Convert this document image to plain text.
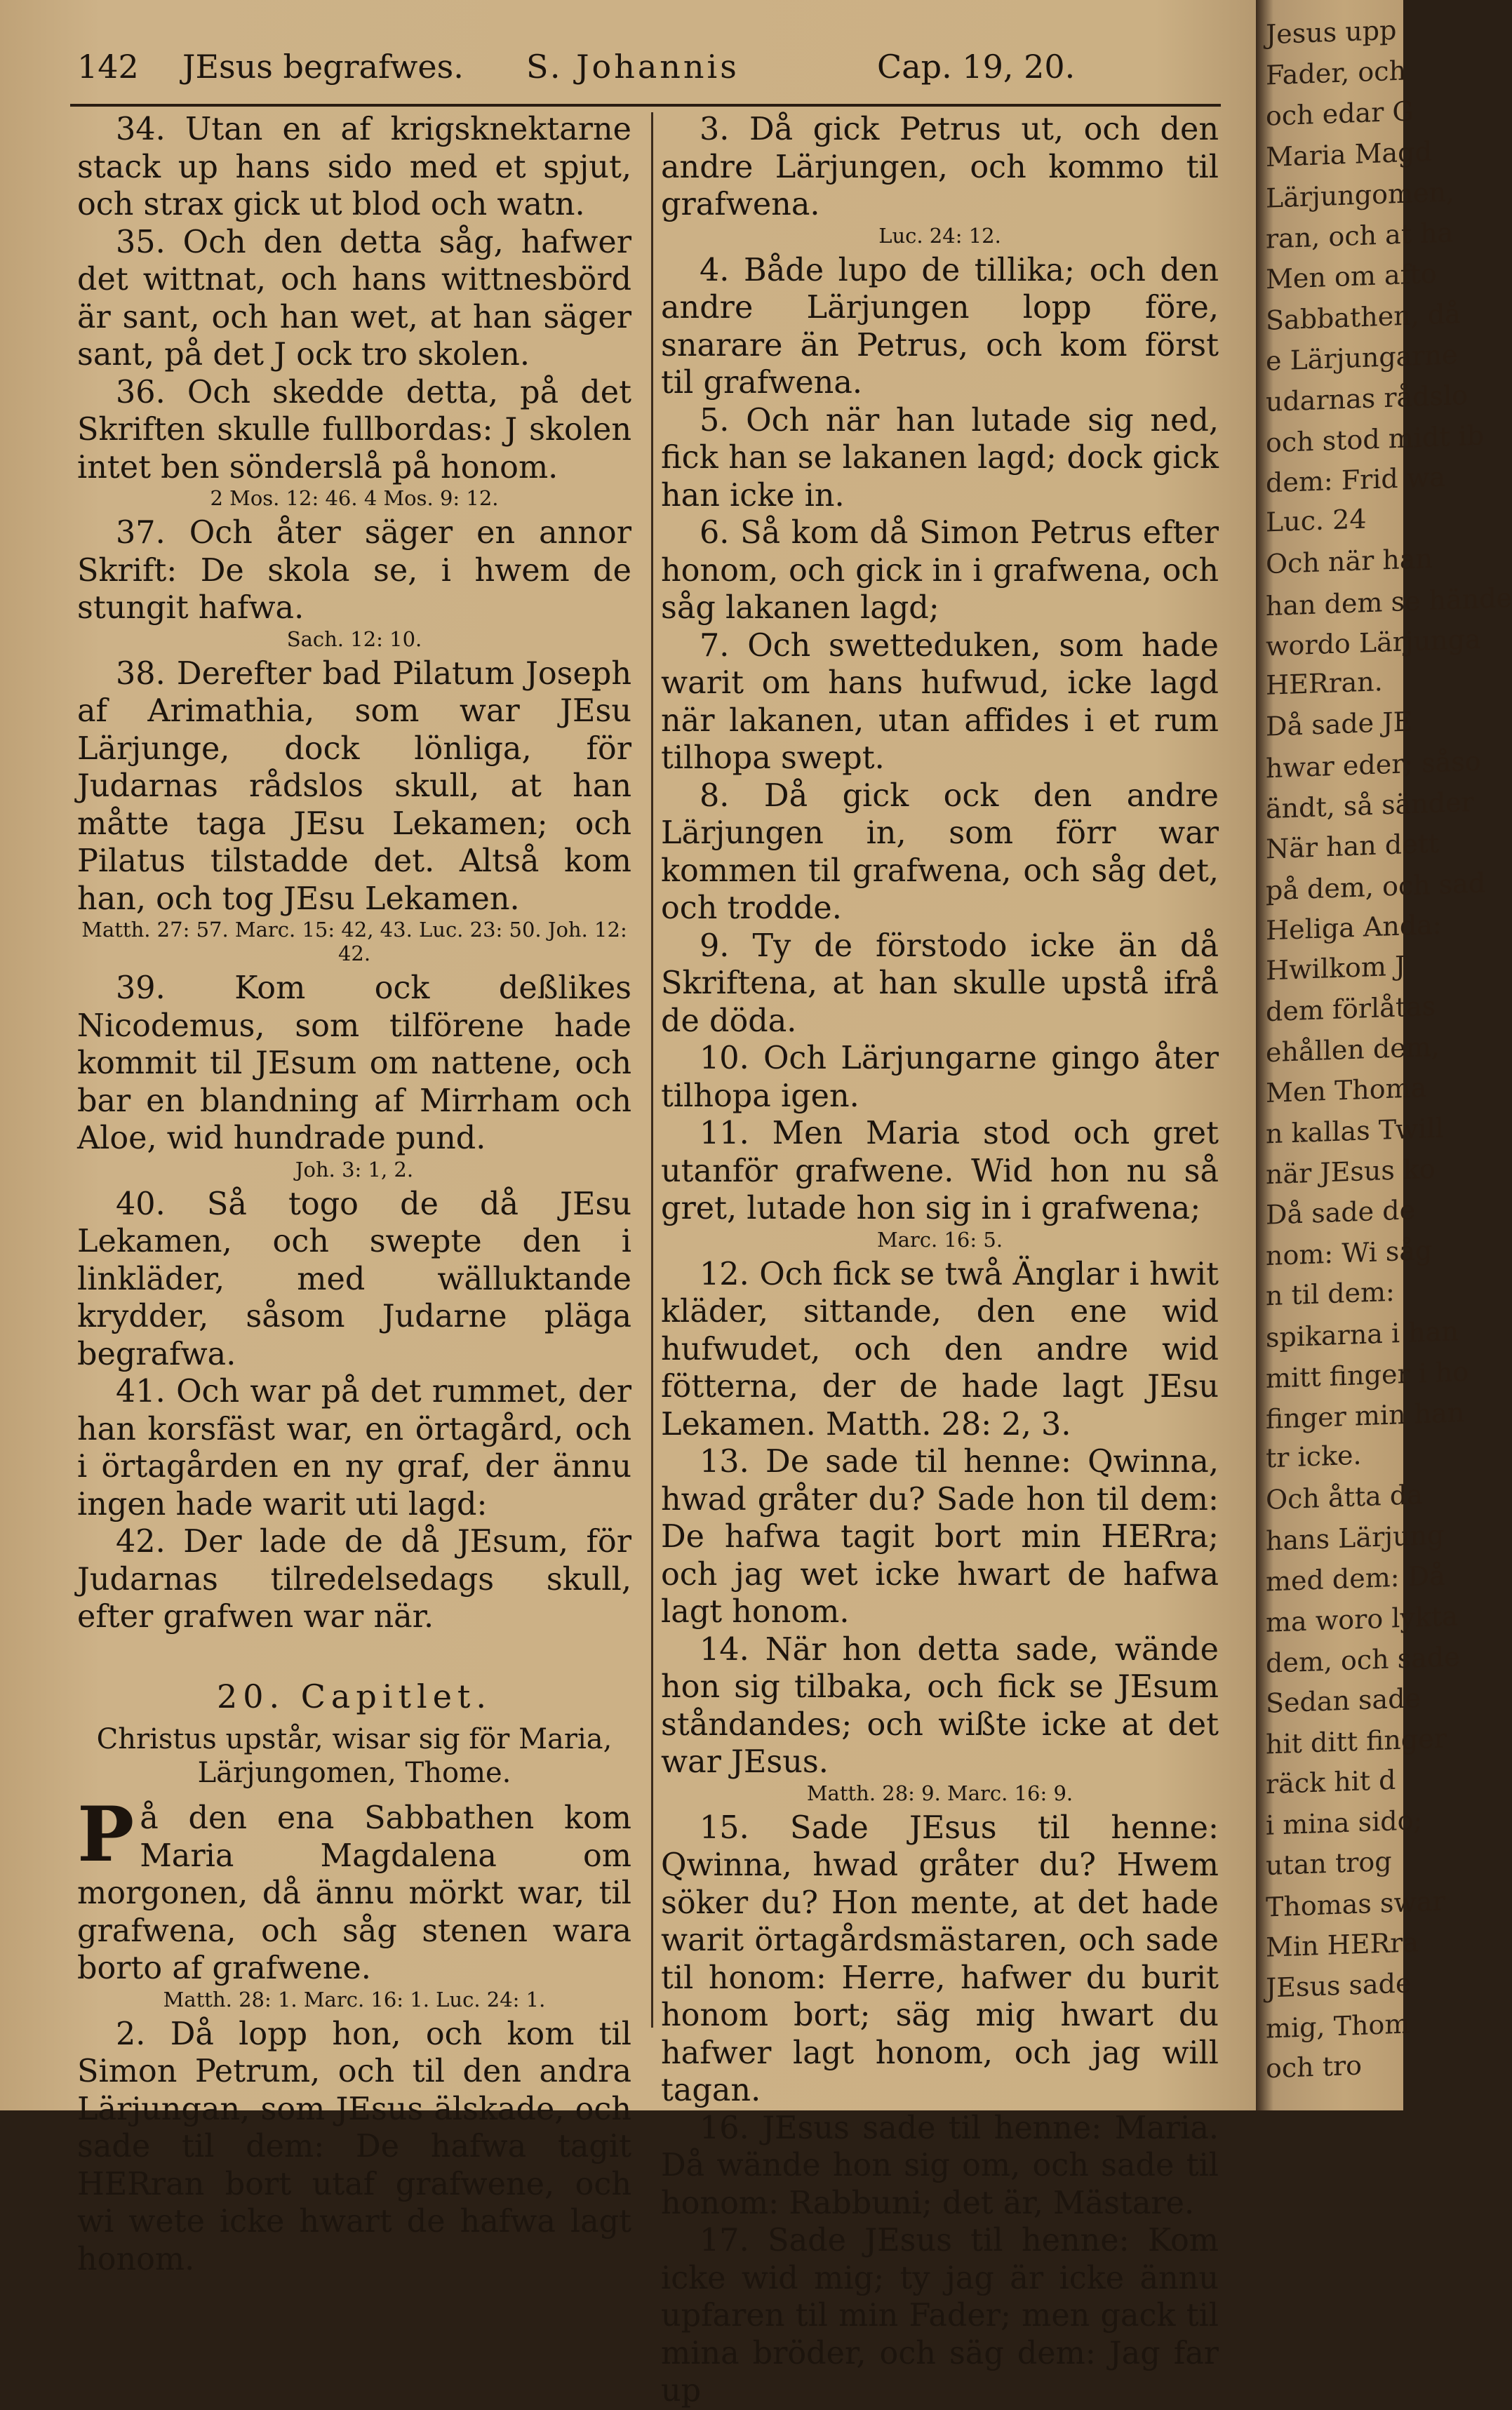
142 JEsus begrafwes. S. Johannis	Cap. 19, 20.

34. Utan en af krigsknektarne stack up hans sido med et spjut, och strax gick ut blod och watn.

35. Och den detta såg, hafwer det wittnat, och hans wittnesbörd är sant, och han wet, at han säger sant, på det J ock tro skolen.

36. Och skedde detta, på det Skriften skulle fullbordas: J skolen intet ben sönderslå på honom.

2 Mos. 12: 46. 4 Mos. 9: 12.

37. Och åter säger en annor Skrift: De skola se, i hwem de stungit hafwa.

Sach. 12: 10.

38. Derefter bad Pilatum Joseph af Arimathia, som war JEsu Lärjunge, dock lönliga, för Judarnas rådslos skull, at han måtte taga JEsu Lekamen; och Pilatus tilstadde det. Altså kom han, och tog JEsu Lekamen.

Matth. 27: 57. Marc. 15: 42, 43. Luc. 23: 50. Joh. 12: 42.

39. Kom ock deßlikes Nicodemus, som tilförene hade kommit til JEsum om nattene, och bar en blandning af Mirrham och Aloe, wid hundrade pund.

Joh. 3: 1, 2.

40. Så togo de då JEsu Lekamen, och swepte den i linkläder, med wälluktande krydder, såsom Judarne pläga begrafwa.

41. Och war på det rummet, der han korsfäst war, en örtagård, och i örtagården en ny graf, der ännu ingen hade warit uti lagd:

42. Der lade de då JEsum, för Judarnas tilredelsedags skull, efter grafwen war när.

20. Capitlet.
Christus upstår, wisar sig för Maria, Lärjungomen, Thome.

På den ena Sabbathen kom Maria Magdalena om morgonen, då ännu mörkt war, til grafwena, och såg stenen wara borto af grafwene.

Matth. 28: 1. Marc. 16: 1. Luc. 24: 1.

2. Då lopp hon, och kom til Simon Petrum, och til den andra Lärjungan, som JEsus älskade, och sade til dem: De hafwa tagit HERran bort utaf grafwene, och wi wete icke hwart de hafwa lagt honom.

3. Då gick Petrus ut, och den andre Lärjungen, och kommo til grafwena.

Luc. 24: 12.

4. Både lupo de tillika; och den andre Lärjungen lopp före, snarare än Petrus, och kom först til grafwena.

5. Och när han lutade sig ned, fick han se lakanen lagd; dock gick han icke in.

6. Så kom då Simon Petrus efter honom, och gick in i grafwena, och såg lakanen lagd;

7. Och swetteduken, som hade warit om hans hufwud, icke lagd när lakanen, utan affides i et rum tilhopa swept.

8. Då gick ock den andre Lärjungen in, som förr war kommen til grafwena, och såg det, och trodde.

9. Ty de förstodo icke än då Skriftena, at han skulle upstå ifrå de döda.

10. Och Lärjungarne gingo åter tilhopa igen.

11. Men Maria stod och gret utanför grafwene. Wid hon nu så gret, lutade hon sig in i grafwena;

Marc. 16: 5.

12. Och fick se twå Änglar i hwit kläder, sittande, den ene wid hufwudet, och den andre wid fötterna, der de hade lagt JEsu Lekamen. Matth. 28: 2, 3.

13. De sade til henne: Qwinna, hwad gråter du? Sade hon til dem: De hafwa tagit bort min HERra; och jag wet icke hwart de hafwa lagt honom.

14. När hon detta sade, wände hon sig tilbaka, och fick se JEsum ståndandes; och wißte icke at det war JEsus.

Matth. 28: 9. Marc. 16: 9.

15. Sade JEsus til henne: Qwinna, hwad gråter du? Hwem söker du? Hon mente, at det hade warit örtagårdsmästaren, och sade til honom: Herre, hafwer du burit honom bort; säg mig hwart du hafwer lagt honom, och jag will tagan.

16. JEsus sade til henne: Maria. Då wände hon sig om, och sade til honom: Rabbuni; det är, Mästare.

17. Sade JEsus til henne: Kom icke wid mig; ty jag är icke ännu upfaren til min Fader; men gack til mina bröder, och säg dem: Jag far up

Jesus upp
Fader, och
och edar G
Maria Magd
Lärjungomen,
ran, och at ha
Men om afto
Sabbathen, då
e Lärjungarne
udarnas rådslo
och stod midt ib
dem: Frid wa
Luc. 24
Och när han
han dem se hände
wordo Lärjunga
HERran.
Då sade JE
hwar eder; såso
ändt, så sänder
När han dett
på dem, och sad
Heliga Anda:
Hwilkom J
dem förlåtas
ehållen dem,
Men Thoma
n kallas Twill
när JEsus ko
Då sade de
nom: Wi såg
n til dem:
spikarna i han
mitt finger i ho
finger min han
tr icke.
Och åtta da
hans Lärjung
med dem: Då
ma woro lykta
dem, och sade
Sedan sade
hit ditt finger
räck hit d
i mina sido;
utan trog
Thomas swar
Min HERra
JEsus sade
mig, Thom
och tro
